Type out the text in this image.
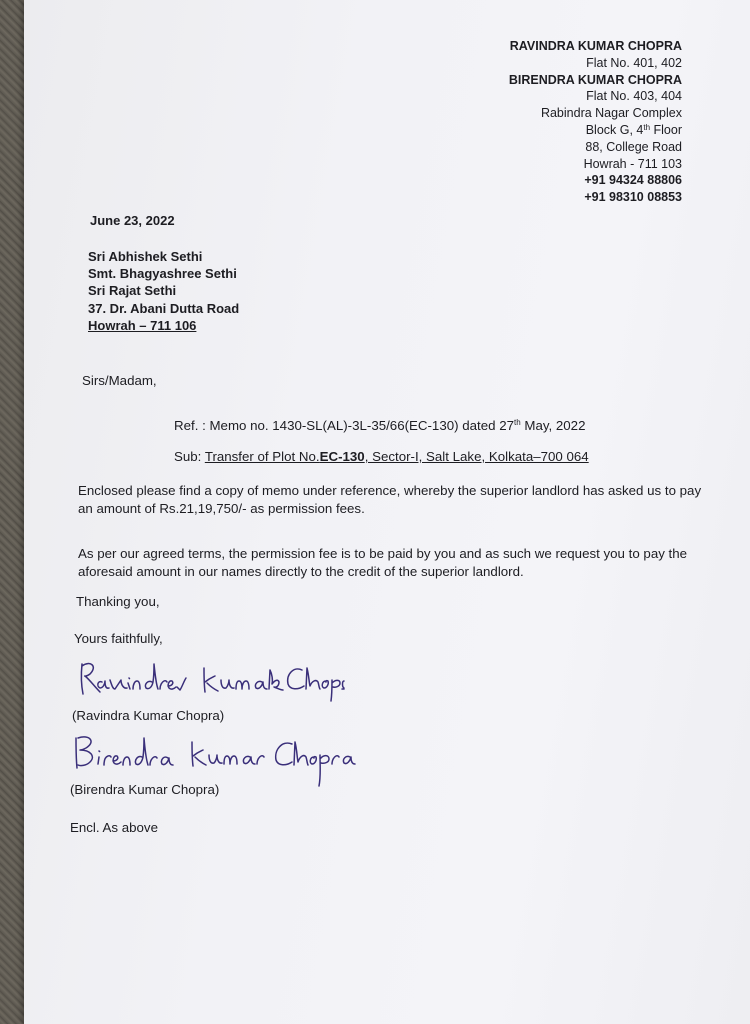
RAVINDRA KUMAR CHOPRA
Flat No. 401, 402
BIRENDRA KUMAR CHOPRA
Flat No. 403, 404
Rabindra Nagar Complex
Block G, 4th Floor
88, College Road
Howrah - 711 103
+91 94324 88806
+91 98310 08853
June 23, 2022
Sri Abhishek Sethi
Smt. Bhagyashree Sethi
Sri Rajat Sethi
37. Dr. Abani Dutta Road
Howrah – 711 106
Sirs/Madam,
Ref. : Memo no. 1430-SL(AL)-3L-35/66(EC-130) dated 27th May, 2022
Sub: Transfer of Plot No.EC-130, Sector-I, Salt Lake, Kolkata–700 064
Enclosed please find a copy of memo under reference, whereby the superior landlord has asked us to pay an amount of Rs.21,19,750/- as permission fees.
As per our agreed terms, the permission fee is to be paid by you and as such we request you to pay the aforesaid amount in our names directly to the credit of the superior landlord.
Thanking you,
Yours faithfully,
(Ravindra Kumar Chopra)
(Birendra Kumar Chopra)
Encl. As above
